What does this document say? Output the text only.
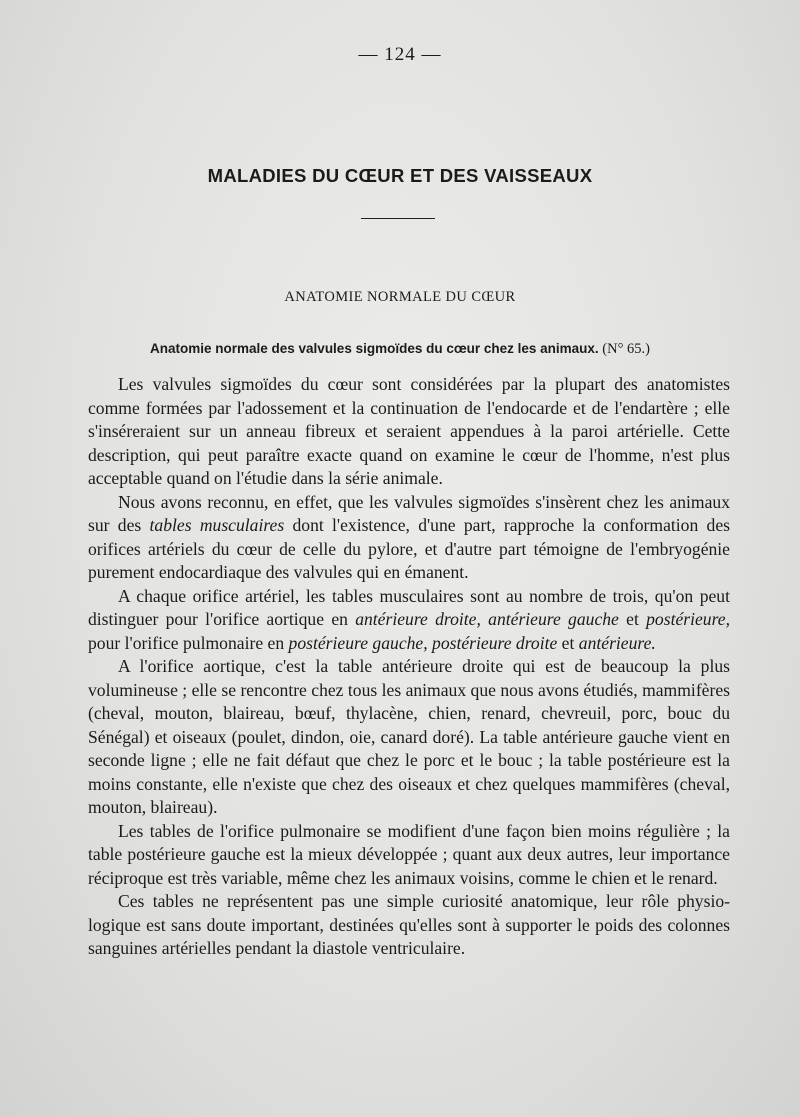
— 124 —
MALADIES DU CŒUR ET DES VAISSEAUX
ANATOMIE NORMALE DU CŒUR
Anatomie normale des valvules sigmoïdes du cœur chez les animaux. (N° 65.)

Les valvules sigmoïdes du cœur sont considérées par la plupart des anatomistes comme formées par l'adossement et la continuation de l'endocarde et de l'endartère ; elle s'inséreraient sur un anneau fibreux et seraient appendues à la paroi artérielle. Cette description, qui peut paraître exacte quand on examine le cœur de l'homme, n'est plus acceptable quand on l'étudie dans la série animale.

Nous avons reconnu, en effet, que les valvules sigmoïdes s'insèrent chez les animaux sur des tables musculaires dont l'existence, d'une part, rapproche la conformation des orifices artériels du cœur de celle du pylore, et d'autre part témoigne de l'embryogénie purement endocardiaque des valvules qui en émanent.

A chaque orifice artériel, les tables musculaires sont au nombre de trois, qu'on peut distinguer pour l'orifice aortique en antérieure droite, antérieure gauche et postérieure, pour l'orifice pulmonaire en postérieure gauche, postérieure droite et antérieure.

A l'orifice aortique, c'est la table antérieure droite qui est de beaucoup la plus volumineuse ; elle se rencontre chez tous les animaux que nous avons étudiés, mammifères (cheval, mouton, blaireau, bœuf, thylacène, chien, renard, chevreuil, porc, bouc du Sénégal) et oiseaux (poulet, dindon, oie, canard doré). La table antérieure gauche vient en seconde ligne ; elle ne fait défaut que chez le porc et le bouc ; la table postérieure est la moins constante, elle n'existe que chez des oiseaux et chez quelques mammifères (cheval, mouton, blaireau).

Les tables de l'orifice pulmonaire se modifient d'une façon bien moins régulière ; la table postérieure gauche est la mieux développée ; quant aux deux autres, leur importance réciproque est très variable, même chez les animaux voisins, comme le chien et le renard.

Ces tables ne représentent pas une simple curiosité anatomique, leur rôle physiologique est sans doute important, destinées qu'elles sont à supporter le poids des colonnes sanguines artérielles pendant la diastole ventriculaire.
